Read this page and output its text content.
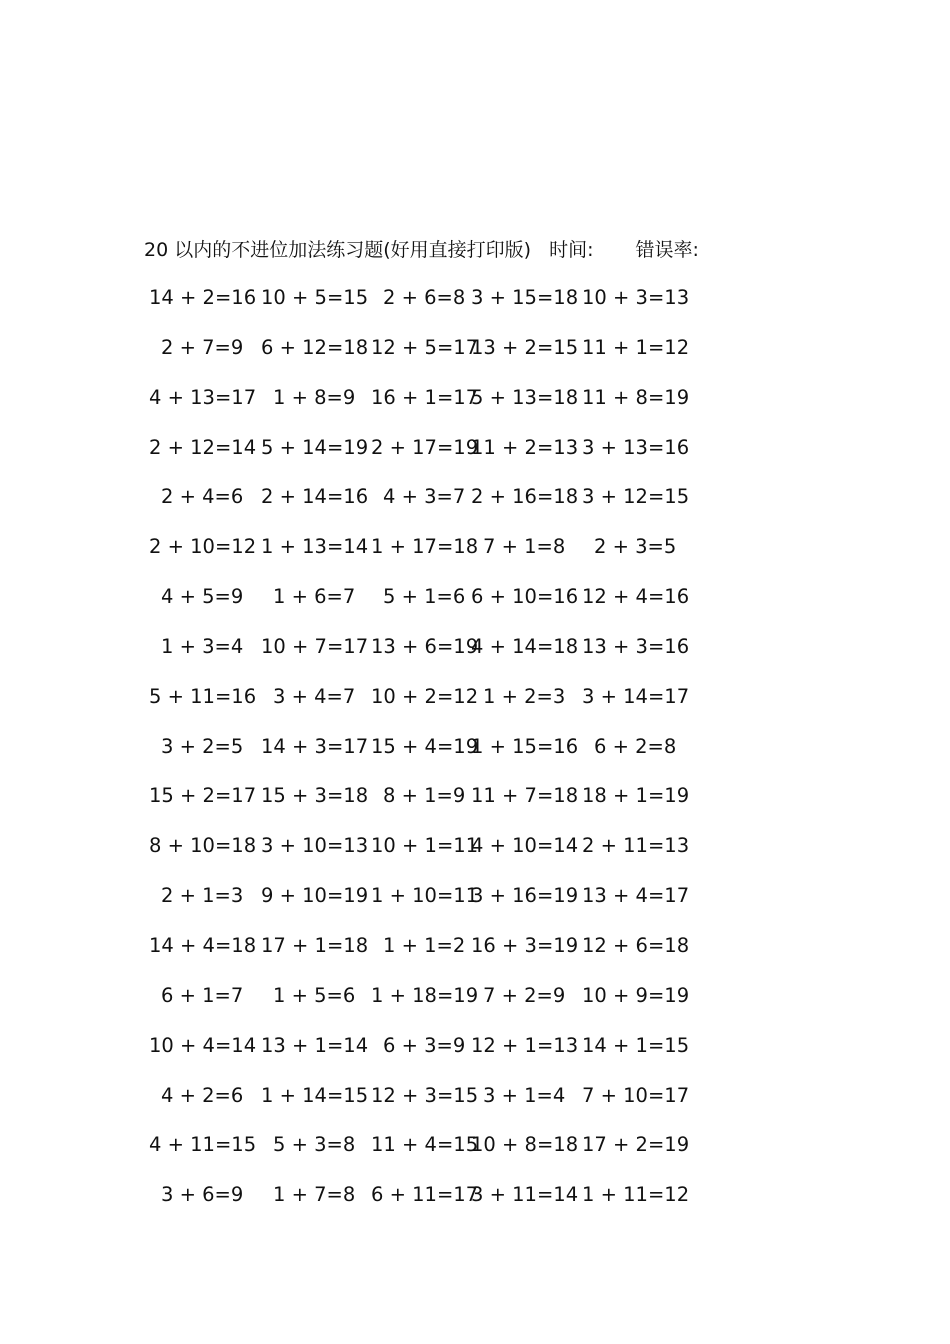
20 以内的不进位加法练习题(好用直接打印版) 时间: 错误率:
14 + 2=16 10 + 5=15 2 + 6=8 3 + 15=18 10 + 3=13
2 + 7=9 6 + 12=18 12 + 5=17
13 + 2=15 11 + 1=12
4 + 13=17 1 + 8=9 16 + 1=17
5 + 13=18 11 + 8=19
2 + 12=14 5 + 14=19 2 + 17=19
11 + 2=13 3 + 13=16
2 + 4=6 2 + 14=16 4 + 3=7 2 + 16=18 3 + 12=15
2 + 10=12 1 + 13=14 1 + 17=18 7 + 1=8 2 + 3=5
4 + 5=9 1 + 6=7 5 + 1=6 6 + 10=16 12 + 4=16
1 + 3=4 10 + 7=17 13 + 6=19
4 + 14=18 13 + 3=16
5 + 11=16 3 + 4=7 10 + 2=12 1 + 2=3 3 + 14=17
3 + 2=5 14 + 3=17 15 + 4=19
1 + 15=16 6 + 2=8
15 + 2=17 15 + 3=18 8 + 1=9 11 + 7=18 18 + 1=19
8 + 10=18 3 + 10=13 10 + 1=11
4 + 10=14 2 + 11=13
2 + 1=3 9 + 10=19 1 + 10=11
3 + 16=19 13 + 4=17
14 + 4=18 17 + 1=18 1 + 1=2 16 + 3=19 12 + 6=18
6 + 1=7 1 + 5=6 1 + 18=19 7 + 2=9 10 + 9=19
10 + 4=14 13 + 1=14 6 + 3=9 12 + 1=13 14 + 1=15
4 + 2=6 1 + 14=15 12 + 3=15 3 + 1=4 7 + 10=17
4 + 11=15 5 + 3=8 11 + 4=15
10 + 8=18 17 + 2=19
3 + 6=9 1 + 7=8 6 + 11=17
3 + 11=14 1 + 11=12
